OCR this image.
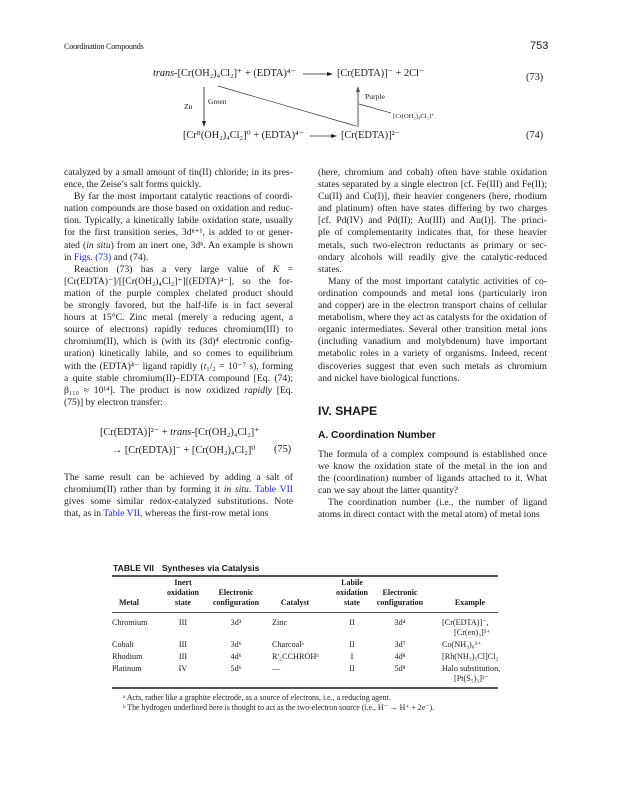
Coordination Compounds	753
trans-[Cr(OH₂)₄Cl₂]⁺ + (EDTA)⁴⁻	[Cr(EDTA)]⁻ + 2Cl⁻	(73)
Zn
Green
Purple
[Cr(OH₂)₄Cl₂]⁺
[Crᴵᴵ(OH₂)₄Cl₂]⁰ + (EDTA)⁴⁻	[Cr(EDTA)]²⁻	(74)
catalyzed by a small amount of tin(II) chloride; in its pres-
ence, the Zeise’s salt forms quickly.
By far the most important catalytic reactions of coordi-
nation compounds are those based on oxidation and reduc-
tion. Typically, a kinetically labile oxidation state, usually
for the first transition series, 3dⁿ⁺¹, is added to or gener-
ated (in situ) from an inert one, 3dⁿ. An example is shown
in Figs. (73) and (74).
Reaction (73) has a very large value of K =
[Cr(EDTA)⁻]/[[Cr(OH₂)₄Cl₂]⁺][(EDTA)⁴⁻], so the for-
mation of the purple complex chelated product should
be strongly favored, but the half-life is in fact several
hours at 15°C. Zinc metal (merely a reducing agent, a
source of electrons) rapidly reduces chromium(III) to
chromium(II), which is (with its (3d)⁴ electronic config-
uration) kinetically labile, and so comes to equilibrium
with the (EDTA)⁴⁻ ligand rapidly (t₁/₂ = 10⁻⁷ s), forming
a quite stable chromium(II)–EDTA compound [Eq. (74);
β₁₁₀ ≈ 10¹⁴]. The product is now oxidized rapidly [Eq.
(75)] by electron transfer:
[Cr(EDTA)]²⁻ + trans-[Cr(OH₂)₄Cl₂]⁺
→ [Cr(EDTA)]⁻ + [Cr(OH₂)₄Cl₂]⁰ (75)
The same result can be achieved by adding a salt of
chromium(II) rather than by forming it in situ. Table VII
gives some similar redox-catalyzed substitutions. Note
that, as in Table VII, whereas the first-row metal ions
(here, chromium and cobalt) often have stable oxidation
states separated by a single electron [cf. Fe(III) and Fe(II);
Cu(II) and Cu(I)], their heavier congeners (here, rhodium
and platinum) often have states differing by two charges
[cf. Pd(IV) and Pd(II); Au(III) and Au(I)]. The princi-
ple of complementarity indicates that, for these heavier
metals, such two-electron reductants as primary or sec-
ondary alcohols will readily give the catalytic-reduced
states.
Many of the most important catalytic activities of co-
ordination compounds and metal ions (particularly iron
and copper) are in the electron transport chains of cellular
metabolism, where they act as catalysts for the oxidation of
organic intermediates. Several other transition metal ions
(including vanadium and molybdenum) have important
metabolic roles in a variety of organisms. Indeed, recent
discoveries suggest that even such metals as chromium
and nickel have biological functions.
IV. SHAPE
A. Coordination Number
The formula of a complex compound is established once
we know the oxidation state of the metal in the ion and
the (coordination) number of ligands attached to it. What
can we say about the latter quantity?
The coordination number (i.e., the number of ligand
atoms in direct contact with the metal atom) of metal ions
TABLE VII Syntheses via Catalysis
Metal
Inert
oxidation
state
Electronic
configuration	Catalyst
Labile
oxidation
state
Electronic
configuration	Example
Chromium	III	3d³	Zinc	II	3d⁴	[Cr(EDTA)]⁻,
[Cr(en)₃]³⁺
Cobalt	III	3d⁶	Charcoalᵃ	II	3d⁷	Co(NH₃)₆³⁺
Rhodium	III	4d⁶	R′₂CCHROHᵇ	I	4d⁸	[Rh(NH₃)₅Cl]Cl₂
Platinum	IV	5d⁶	—	II	5d⁸	Halo substitution,
[Pt(S₅)₃]²⁻
ᵃ Acts, rather like a graphite electrode, as a source of electrons, i.e., a reducing agent.
ᵇ The hydrogen underlined here is thought to act as the two-electron source (i.e., H⁻ → H⁺ + 2e⁻).
